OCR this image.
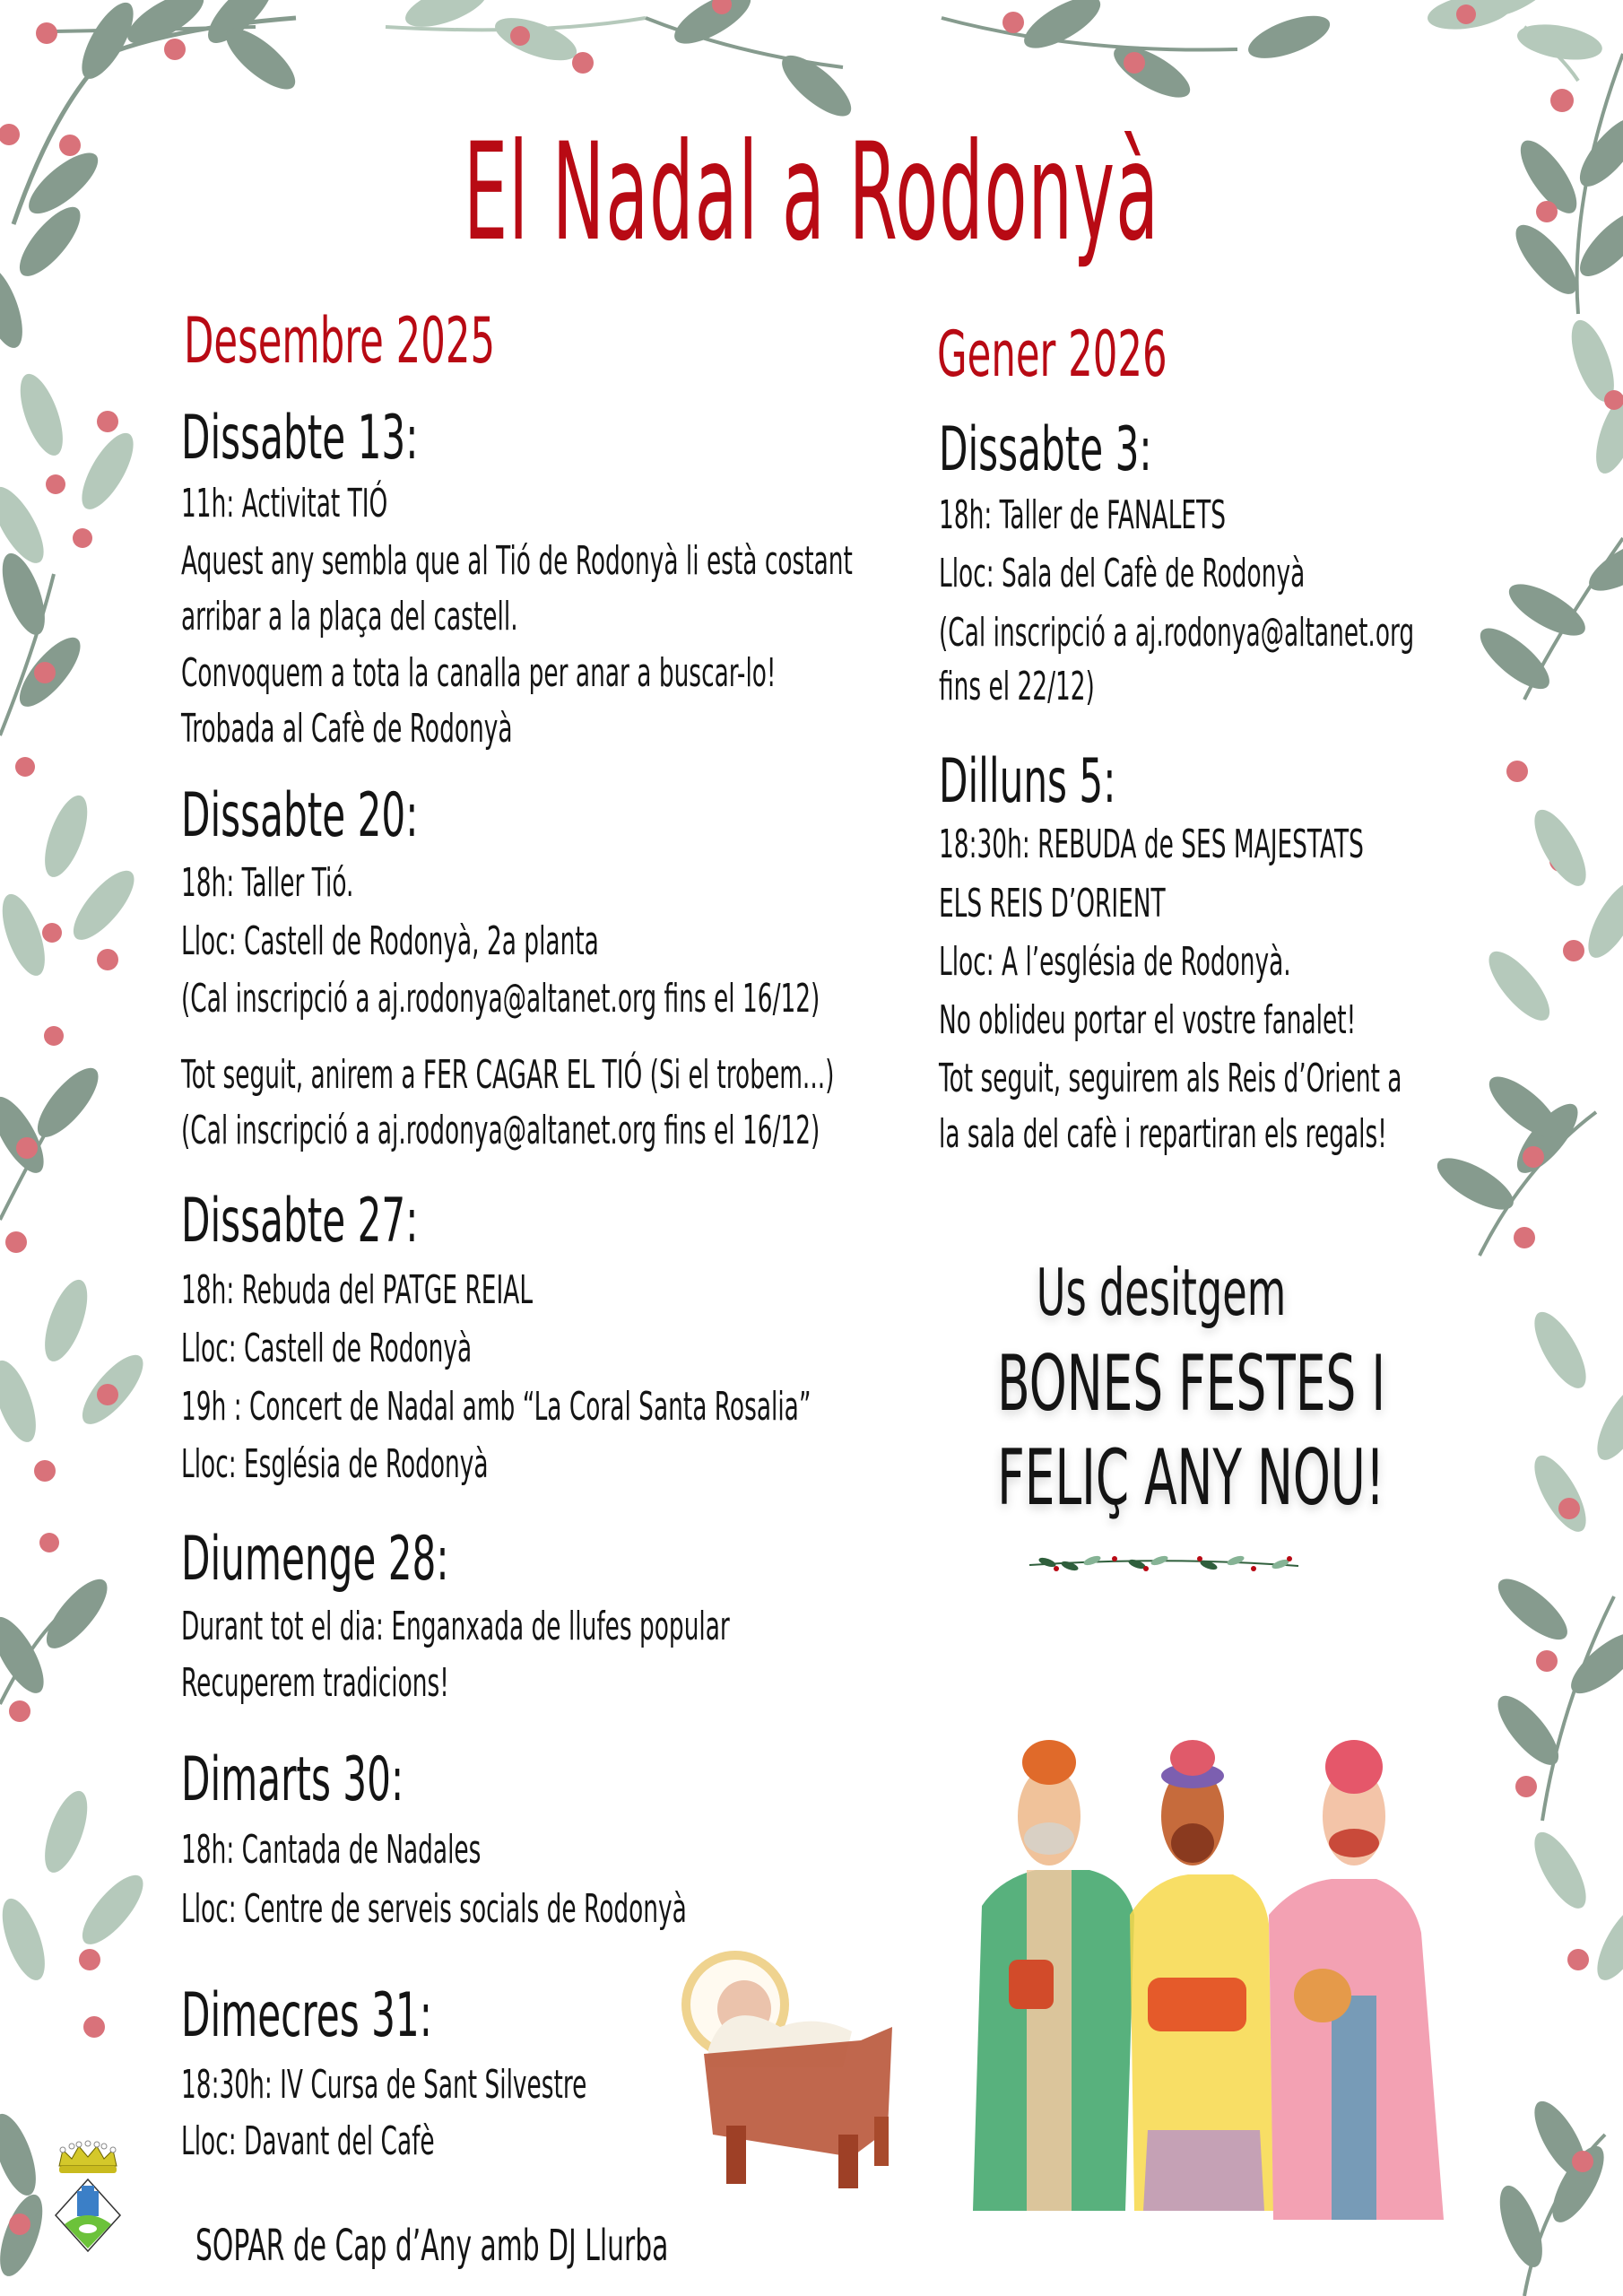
El Nadal a Rodonyà
Desembre 2025
Dissabte 13:
11h: Activitat TIÓ
Aquest any sembla que al Tió de Rodonyà li està costant
arribar a la plaça del castell.
Convoquem a tota la canalla per anar a buscar-lo!
Trobada al Cafè de Rodonyà
Dissabte 20:
18h: Taller Tió.
Lloc: Castell de Rodonyà, 2a planta
(Cal inscripció a aj.rodonya@altanet.org fins el 16/12)
Tot seguit, anirem a FER CAGAR EL TIÓ (Si el trobem...)
(Cal inscripció a aj.rodonya@altanet.org fins el 16/12)
Dissabte 27:
18h: Rebuda del PATGE REIAL
Lloc: Castell de Rodonyà
19h : Concert de Nadal amb “La Coral Santa Rosalia”
Lloc: Església de Rodonyà
Diumenge 28:
Durant tot el dia: Enganxada de llufes popular
Recuperem tradicions!
Dimarts 30:
18h: Cantada de Nadales
Lloc: Centre de serveis socials de Rodonyà
Dimecres 31:
18:30h: IV Cursa de Sant Silvestre
Lloc: Davant del Cafè
SOPAR de Cap d’Any amb DJ Llurba
Gener 2026
Dissabte 3:
18h: Taller de FANALETS
Lloc: Sala del Cafè de Rodonyà
(Cal inscripció a aj.rodonya@altanet.org
fins el 22/12)
Dilluns 5:
18:30h: REBUDA de SES MAJESTATS
ELS REIS D’ORIENT
Lloc: A l’església de Rodonyà.
No oblideu portar el vostre fanalet!
Tot seguit, seguirem als Reis d’Orient a
la sala del cafè i repartiran els regals!
Us desitgem
BONES FESTES I
FELIÇ ANY NOU!
